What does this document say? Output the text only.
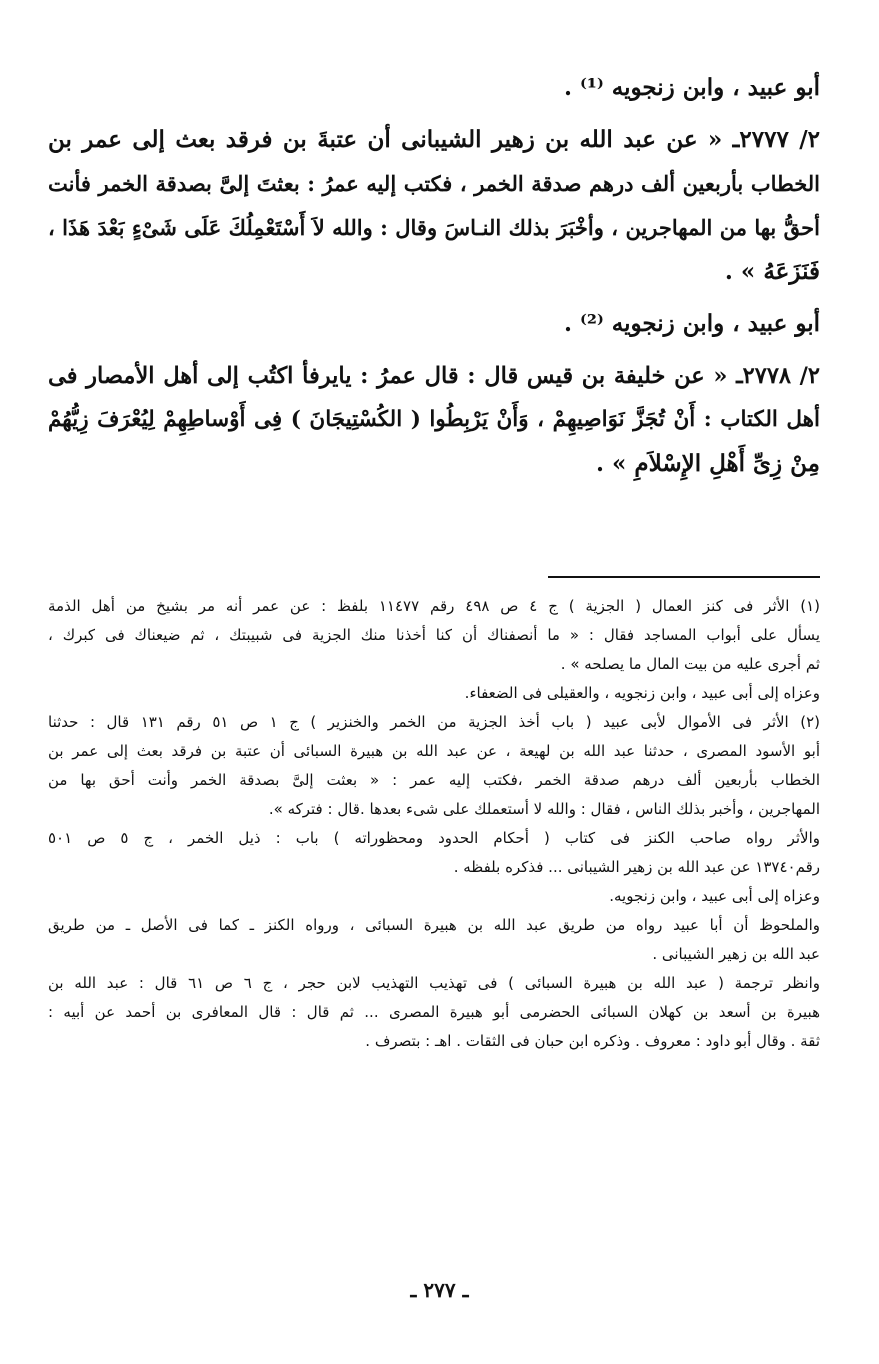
أبو عبيد ، وابن زنجويه ⁽¹⁾ .

٢/ ٢٧٧٧ـ « عن عبد الله بن زهير الشيبانى أن عتبةَ بن فرقد بعث إلى عمر بن

الخطاب بأربعين ألف درهم صدقة الخمر ، فكتب إليه عمرُ : بعثتَ إلىَّ بصدقة الخمر فأنت

أحقُّ بها من المهاجرين ، وأخْبَرَ بذلك النـاسَ وقال : والله لاَ أَسْتَعْمِلُكَ عَلَى شَىْءٍ بَعْدَ هَذَا ،

فَنَزَعَهُ » .

أبو عبيد ، وابن زنجويه ⁽²⁾ .

٢/ ٢٧٧٨ـ « عن خليفة بن قيس قال : قال عمرُ : يايرفأ اكتُب إلى أهل الأمصار فى

أهل الكتاب : أَنْ تُجَزَّ نَوَاصِيهِمْ ، وَأَنْ يَرْبِطُوا ( الكُسْتِيجَانَ ) فِى أَوْساطِهِمْ لِيُعْرَفَ زِيُّهُمْ

مِنْ زِىِّ أَهْلِ الإِسْلاَمِ » .

(١) الأثر فى كنز العمال ( الجزية ) ج ٤ ص ٤٩٨ رقم ١١٤٧٧ بلفظ : عن عمر أنه مر بشيخ من أهل الذمة

يسأل على أبواب المساجد فقال : « ما أنصفناك أن كنا أخذنا منك الجزية فى شبيبتك ، ثم ضيعناك فى كبرك ،

ثم أجرى عليه من بيت المال ما يصلحه » .

وعزاه إلى أبى عبيد ، وابن زنجويه ، والعقيلى فى الضعفاء.

(٢) الأثر فى الأموال لأبى عبيد ( باب أخذ الجزية من الخمر والخنزير ) ج ١ ص ٥١ رقم ١٣١ قال : حدثنا

أبو الأسود المصرى ، حدثنا عبد الله بن لهيعة ، عن عبد الله بن هبيرة السبائى أن عتبة بن فرقد بعث إلى عمر بن

الخطاب بأربعين ألف درهم صدقة الخمر ،فكتب إليه عمر : « بعثت إلىَّ بصدقة الخمر وأنت أحق بها من

المهاجرين ، وأخبر بذلك الناس ، فقال : والله لا أستعملك على شىء بعدها .قال : فتركه ».

والأثر رواه صاحب الكنز فى كتاب ( أحكام الحدود ومحظوراته ) باب : ذيل الخمر ، ج ٥ ص ٥٠١

رقم١٣٧٤٠ عن عبد الله بن زهير الشيبانى ... فذكره بلفظه .

وعزاه إلى أبى عبيد ، وابن زنجويه.

والملحوظ أن أبا عبيد رواه من طريق عبد الله بن هبيرة السبائى ، ورواه الكنز ـ كما فى الأصل ـ من طريق

عبد الله بن زهير الشيبانى .

وانظر ترجمة ( عبد الله بن هبيرة السبائى ) فى تهذيب التهذيب لابن حجر ، ج ٦ ص ٦١ قال : عبد الله بن

هبيرة بن أسعد بن كهلان السبائى الحضرمى أبو هبيرة المصرى ... ثم قال : قال المعافرى بن أحمد عن أبيه :

ثقة . وقال أبو داود : معروف . وذكره ابن حبان فى الثقات . اهـ : بتصرف .

ـ ٢٧٧ ـ
